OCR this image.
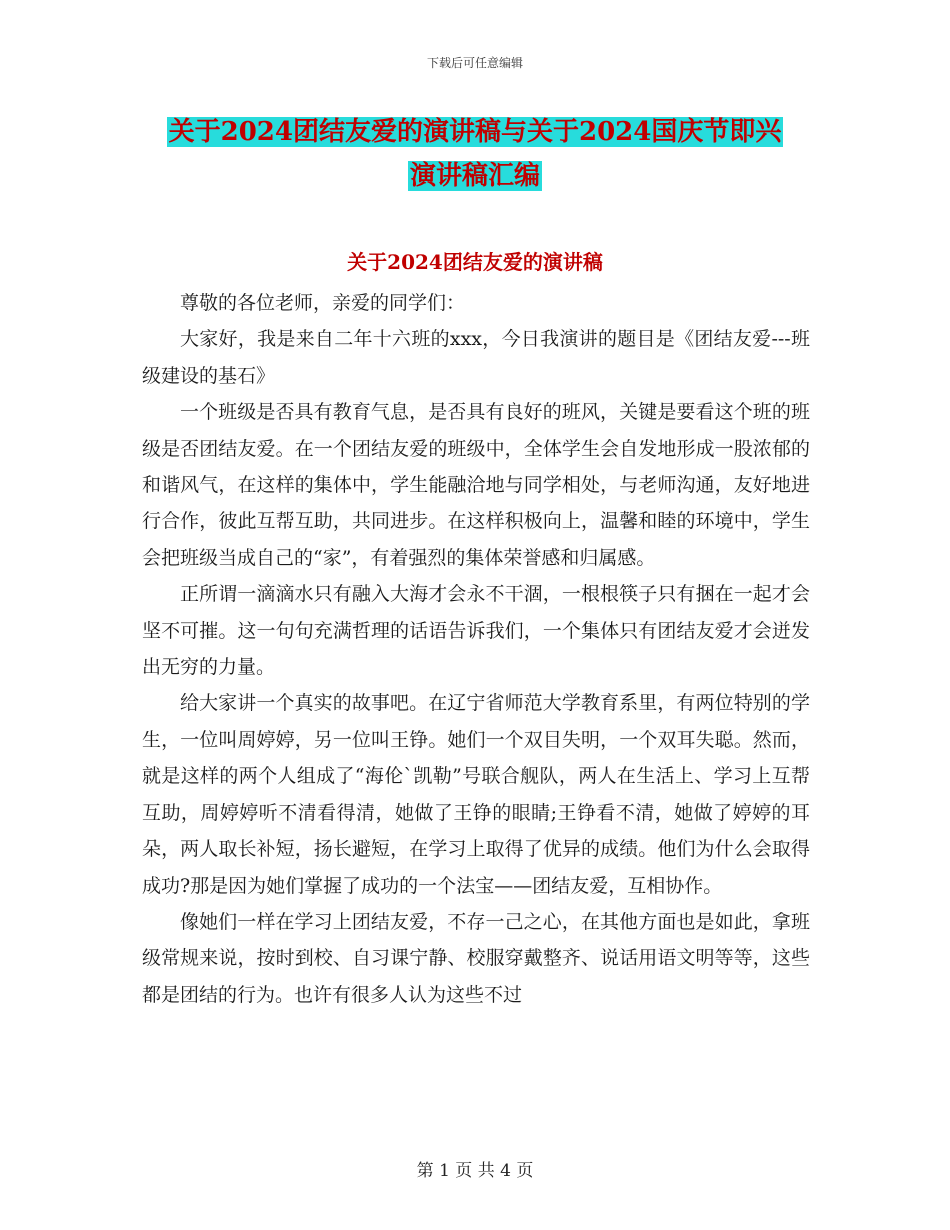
下载后可任意编辑
关于2024团结友爱的演讲稿与关于2024国庆节即兴
演讲稿汇编
关于2024团结友爱的演讲稿

尊敬的各位老师，亲爱的同学们：

大家好，我是来自二年十六班的xxx，今日我演讲的题目是《团结友爱---班级建设的基石》

一个班级是否具有教育气息，是否具有良好的班风，关键是要看这个班的班级是否团结友爱。在一个团结友爱的班级中，全体学生会自发地形成一股浓郁的和谐风气，在这样的集体中，学生能融洽地与同学相处，与老师沟通，友好地进行合作，彼此互帮互助，共同进步。在这样积极向上，温馨和睦的环境中，学生会把班级当成自己的“家”，有着强烈的集体荣誉感和归属感。

正所谓一滴滴水只有融入大海才会永不干涸，一根根筷子只有捆在一起才会坚不可摧。这一句句充满哲理的话语告诉我们，一个集体只有团结友爱才会迸发出无穷的力量。

给大家讲一个真实的故事吧。在辽宁省师范大学教育系里，有两位特别的学生，一位叫周婷婷，另一位叫王铮。她们一个双目失明，一个双耳失聪。然而，就是这样的两个人组成了“海伦`凯勒”号联合舰队，两人在生活上、学习上互帮互助，周婷婷听不清看得清，她做了王铮的眼睛;王铮看不清，她做了婷婷的耳朵，两人取长补短，扬长避短，在学习上取得了优异的成绩。他们为什么会取得成功?那是因为她们掌握了成功的一个法宝——团结友爱，互相协作。

像她们一样在学习上团结友爱，不存一己之心，在其他方面也是如此，拿班级常规来说，按时到校、自习课宁静、校服穿戴整齐、说话用语文明等等，这些都是团结的行为。也许有很多人认为这些不过

第 1 页 共 4 页
